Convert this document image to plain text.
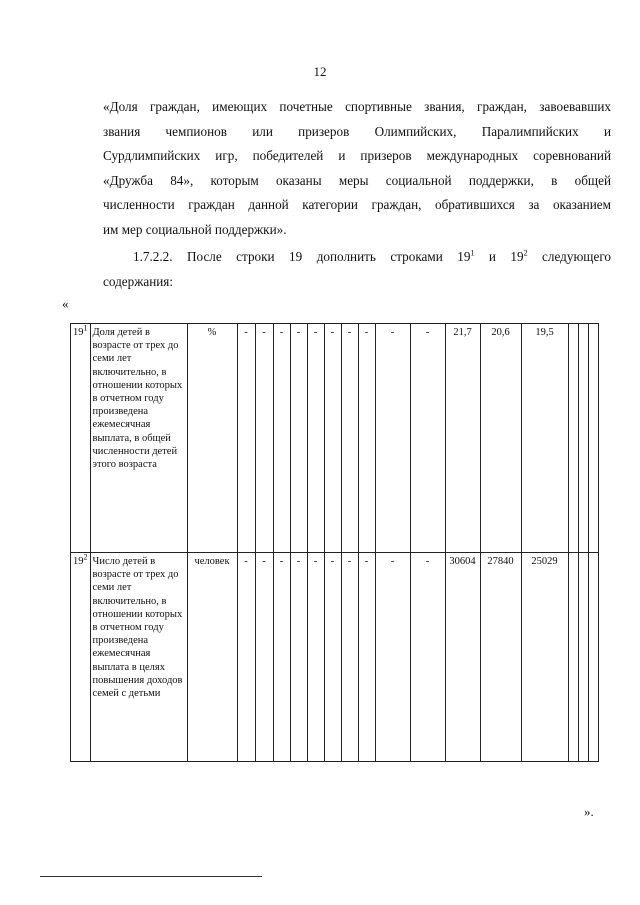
12
«Доля граждан, имеющих почетные спортивные звания, граждан, завоевавших
звания чемпионов или призеров Олимпийских, Паралимпийских и
Сурдлимпийских игр, победителей и призеров международных соревнований
«Дружба 84», которым оказаны меры социальной поддержки, в общей
численности граждан данной категории граждан, обратившихся за оказанием
им мер социальной поддержки».
1.7.2.2. После строки 19 дополнить строками $19^1$ и $19^2$ следующего
содержания:
«
$19^1$	Доля детей в возрасте от трех до семи лет включительно, в отношении которых в отчетном году произведена ежемесячная выплата, в общей численности детей этого возраста	%	-	-	-	-	-	-	-	-	-	-	21,7	20,6	19,5			
$19^2$	Число детей в возрасте от трех до семи лет включительно, в отношении которых в отчетном году произведена ежемесячная выплата в целях повышения доходов семей с детьми	человек	-	-	-	-	-	-	-	-	-	-	30604	27840	25029			
».
